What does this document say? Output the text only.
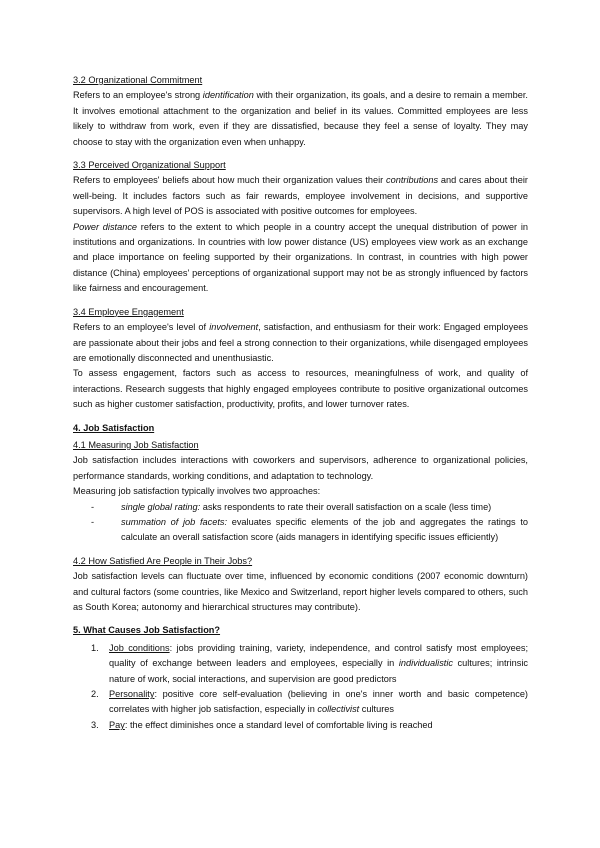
3.2 Organizational Commitment

Refers to an employee's strong identification with their organization, its goals, and a desire to remain a member. It involves emotional attachment to the organization and belief in its values. Committed employees are less likely to withdraw from work, even if they are dissatisfied, because they feel a sense of loyalty. They may choose to stay with the organization even when unhappy.

3.3 Perceived Organizational Support

Refers to employees' beliefs about how much their organization values their contributions and cares about their well-being. It includes factors such as fair rewards, employee involvement in decisions, and supportive supervisors. A high level of POS is associated with positive outcomes for employees.

Power distance refers to the extent to which people in a country accept the unequal distribution of power in institutions and organizations. In countries with low power distance (US) employees view work as an exchange and place importance on feeling supported by their organizations. In contrast, in countries with high power distance (China) employees' perceptions of organizational support may not be as strongly influenced by factors like fairness and encouragement.

3.4 Employee Engagement

Refers to an employee's level of involvement, satisfaction, and enthusiasm for their work: Engaged employees are passionate about their jobs and feel a strong connection to their organizations, while disengaged employees are emotionally disconnected and unenthusiastic.

To assess engagement, factors such as access to resources, meaningfulness of work, and quality of interactions. Research suggests that highly engaged employees contribute to positive organizational outcomes such as higher customer satisfaction, productivity, profits, and lower turnover rates.

4. Job Satisfaction

4.1 Measuring Job Satisfaction

Job satisfaction includes interactions with coworkers and supervisors, adherence to organizational policies, performance standards, working conditions, and adaptation to technology.

Measuring job satisfaction typically involves two approaches:

-	single global rating: asks respondents to rate their overall satisfaction on a scale (less time)
-	summation of job facets: evaluates specific elements of the job and aggregates the ratings to calculate an overall satisfaction score (aids managers in identifying specific issues efficiently)

4.2 How Satisfied Are People in Their Jobs?

Job satisfaction levels can fluctuate over time, influenced by economic conditions (2007 economic downturn) and cultural factors (some countries, like Mexico and Switzerland, report higher levels compared to others, such as South Korea; autonomy and hierarchical structures may contribute).

5. What Causes Job Satisfaction?

1. Job conditions: jobs providing training, variety, independence, and control satisfy most employees; quality of exchange between leaders and employees, especially in individualistic cultures; intrinsic nature of work, social interactions, and supervision are good predictors
2. Personality: positive core self-evaluation (believing in one's inner worth and basic competence) correlates with higher job satisfaction, especially in collectivist cultures
3. Pay: the effect diminishes once a standard level of comfortable living is reached
